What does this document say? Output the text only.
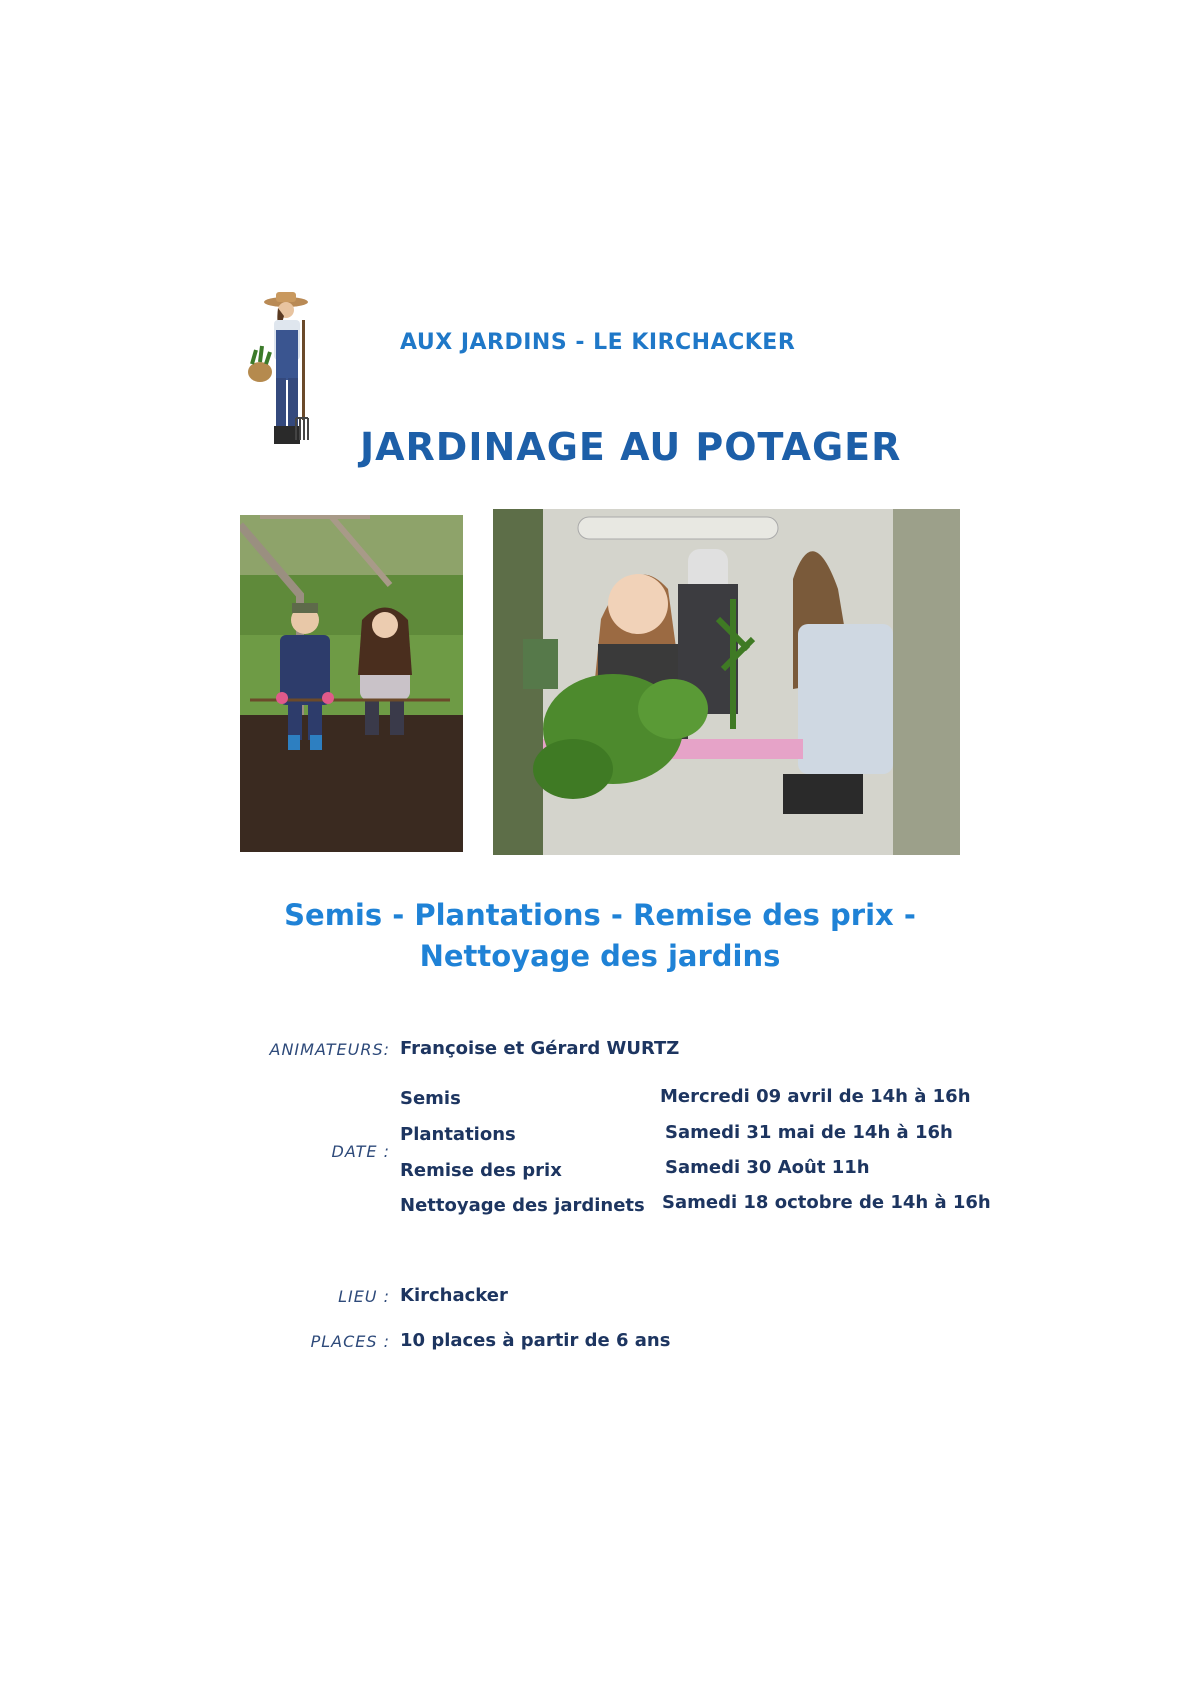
AUX JARDINS - LE KIRCHACKER
JARDINAGE AU POTAGER
Semis - Plantations - Remise des prix -
Nettoyage des jardins
ANIMATEURS: Françoise et Gérard WURTZ
DATE :
Semis	Mercredi 09 avril de 14h à 16h
Plantations	Samedi 31 mai de 14h à 16h
Remise des prix	Samedi 30 Août 11h
Nettoyage des jardinets Samedi 18 octobre de 14h à 16h
LIEU : Kirchacker
PLACES : 10 places à partir de 6 ans
